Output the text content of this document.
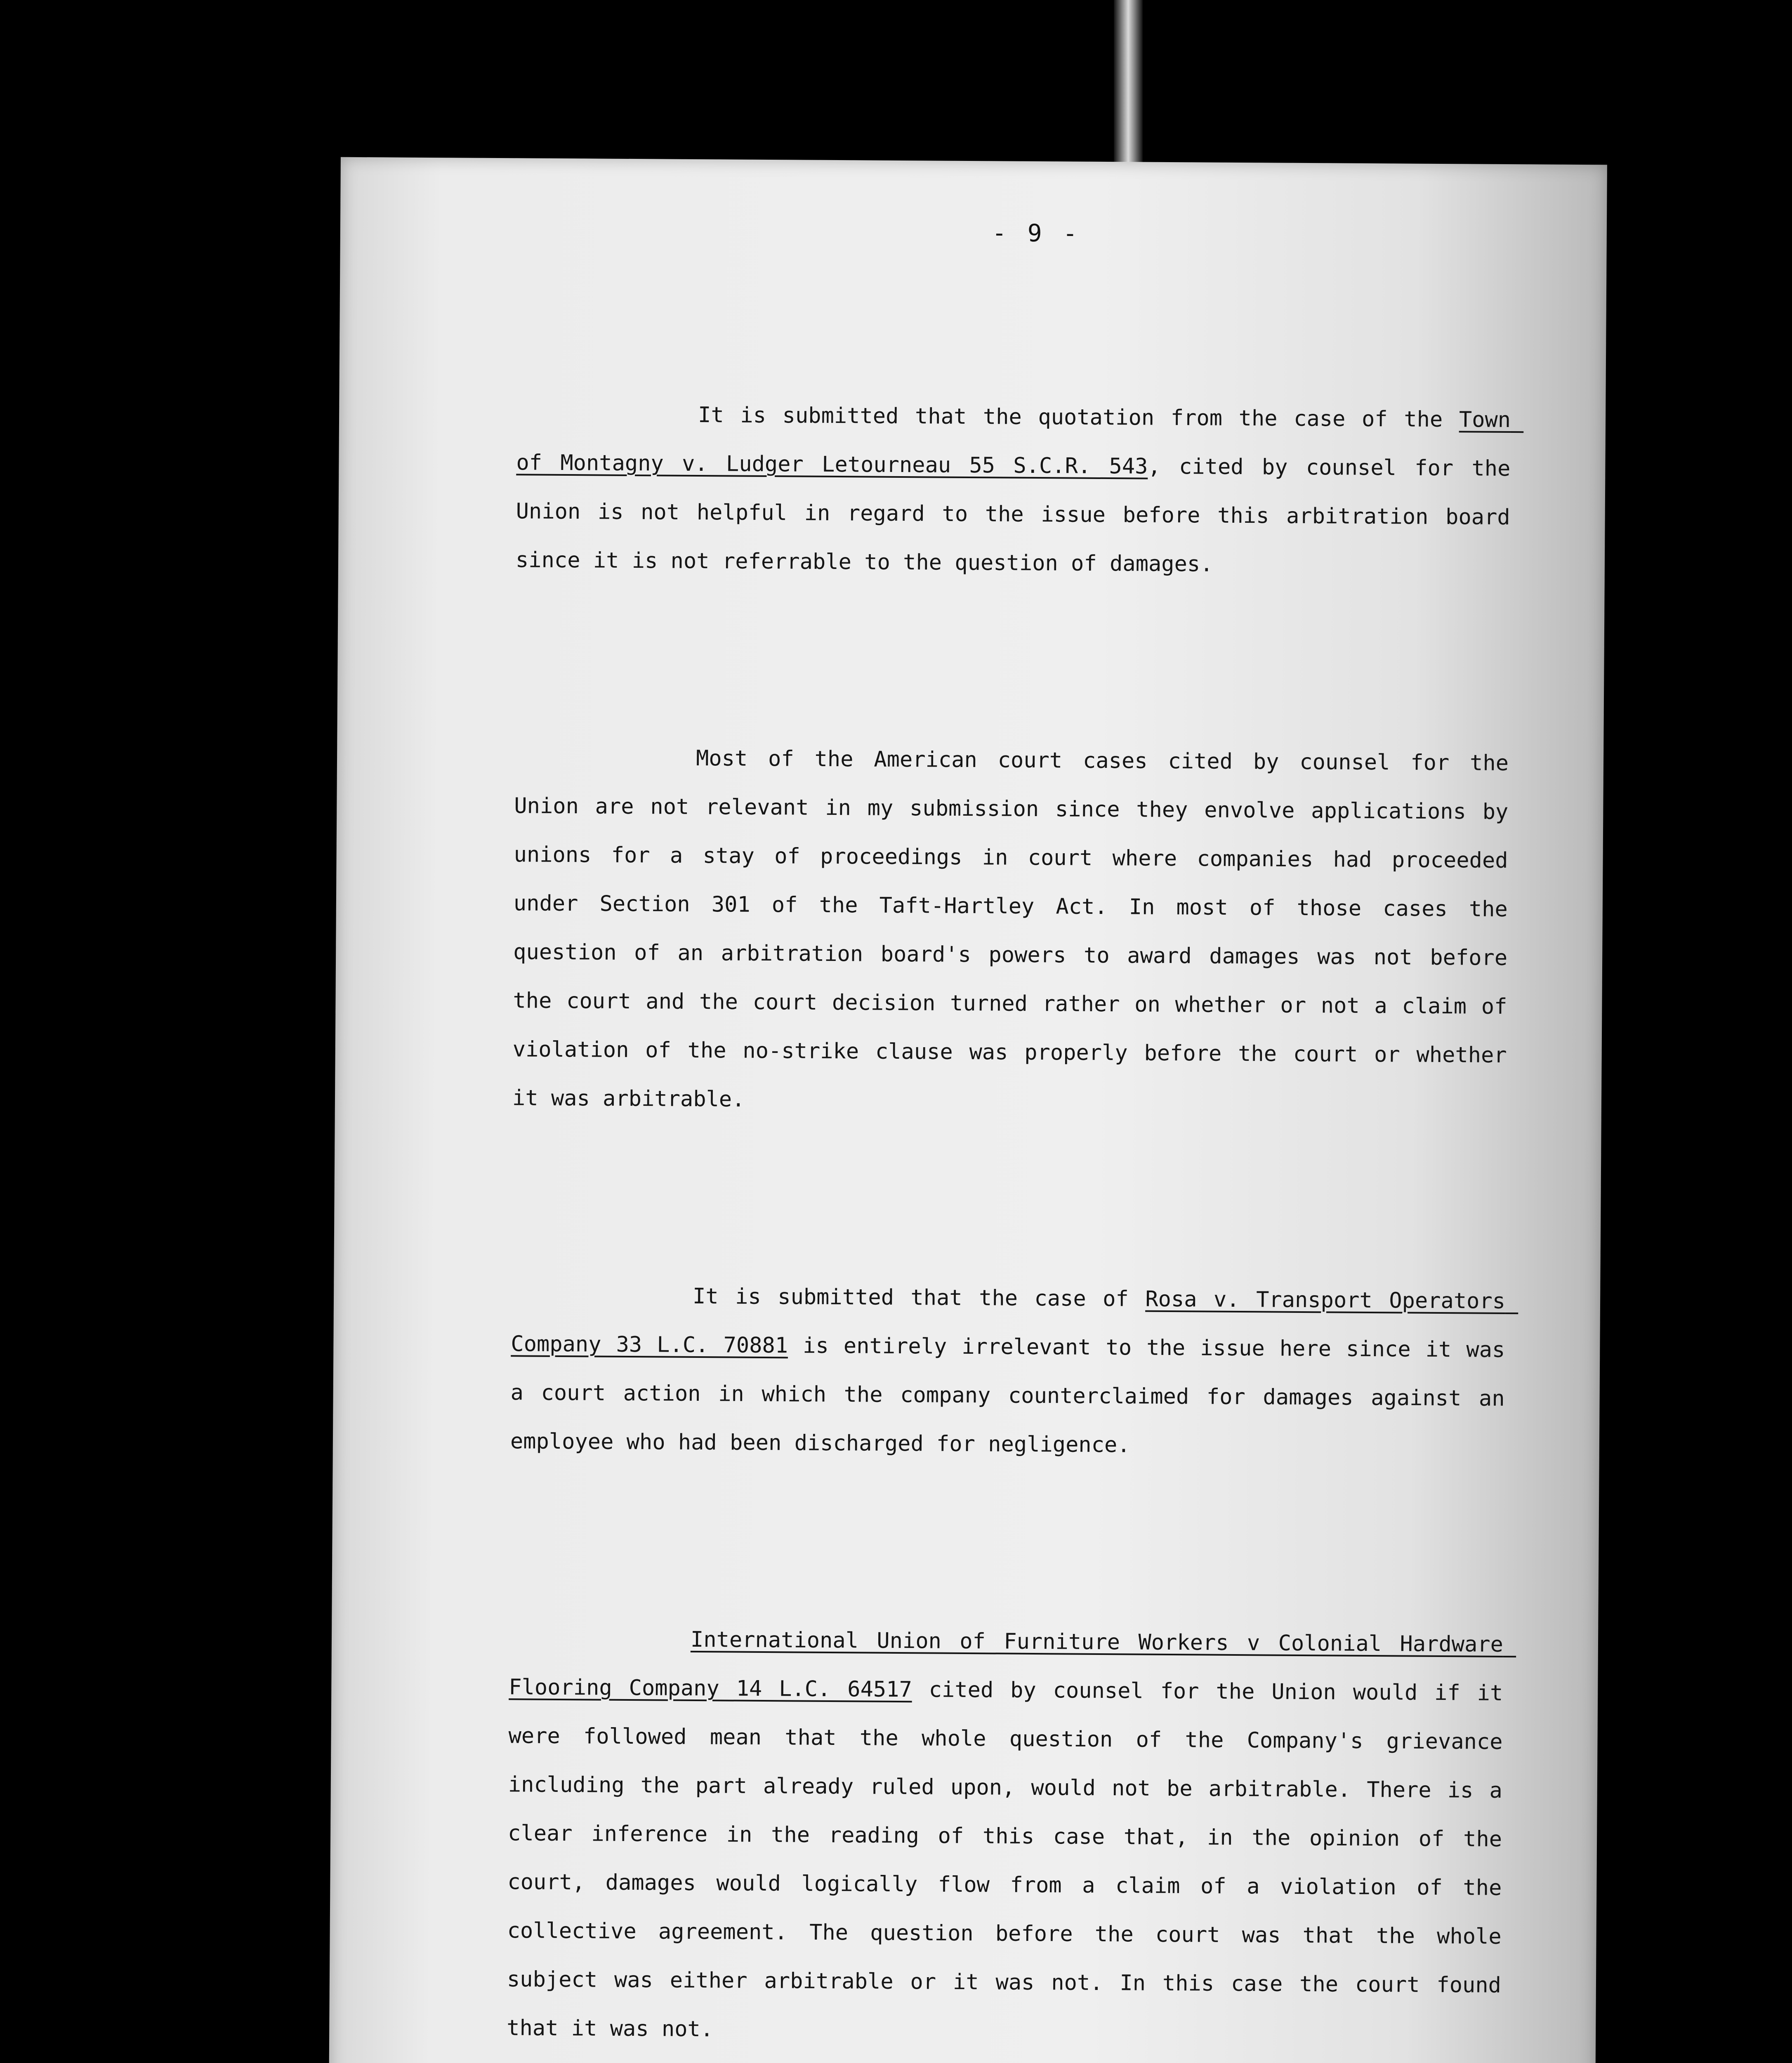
- 9 -

It is submitted that the quotation from the case of the Town of Montagny v. Ludger Letourneau 55 S.C.R. 543, cited by counsel for the Union is not helpful in regard to the issue before this arbitration board since it is not referrable to the question of damages.

Most of the American court cases cited by counsel for the Union are not relevant in my submission since they envolve applications by unions for a stay of proceedings in court where companies had proceeded under Section 301 of the Taft-Hartley Act. In most of those cases the question of an arbitration board's powers to award damages was not before the court and the court decision turned rather on whether or not a claim of violation of the no-strike clause was properly before the court or whether it was arbitrable.

It is submitted that the case of Rosa v. Transport Operators Company 33 L.C. 70881 is entirely irrelevant to the issue here since it was a court action in which the company counterclaimed for damages against an employee who had been discharged for negligence.

International Union of Furniture Workers v Colonial Hardware Flooring Company 14 L.C. 64517 cited by counsel for the Union would if it were followed mean that the whole question of the Company's grievance including the part already ruled upon, would not be arbitrable. There is a clear inference in the reading of this case that, in the opinion of the court, damages would logically flow from a claim of a violation of the collective agreement. The question before the court was that the whole subject was either arbitrable or it was not. In this case the court found that it was not.
